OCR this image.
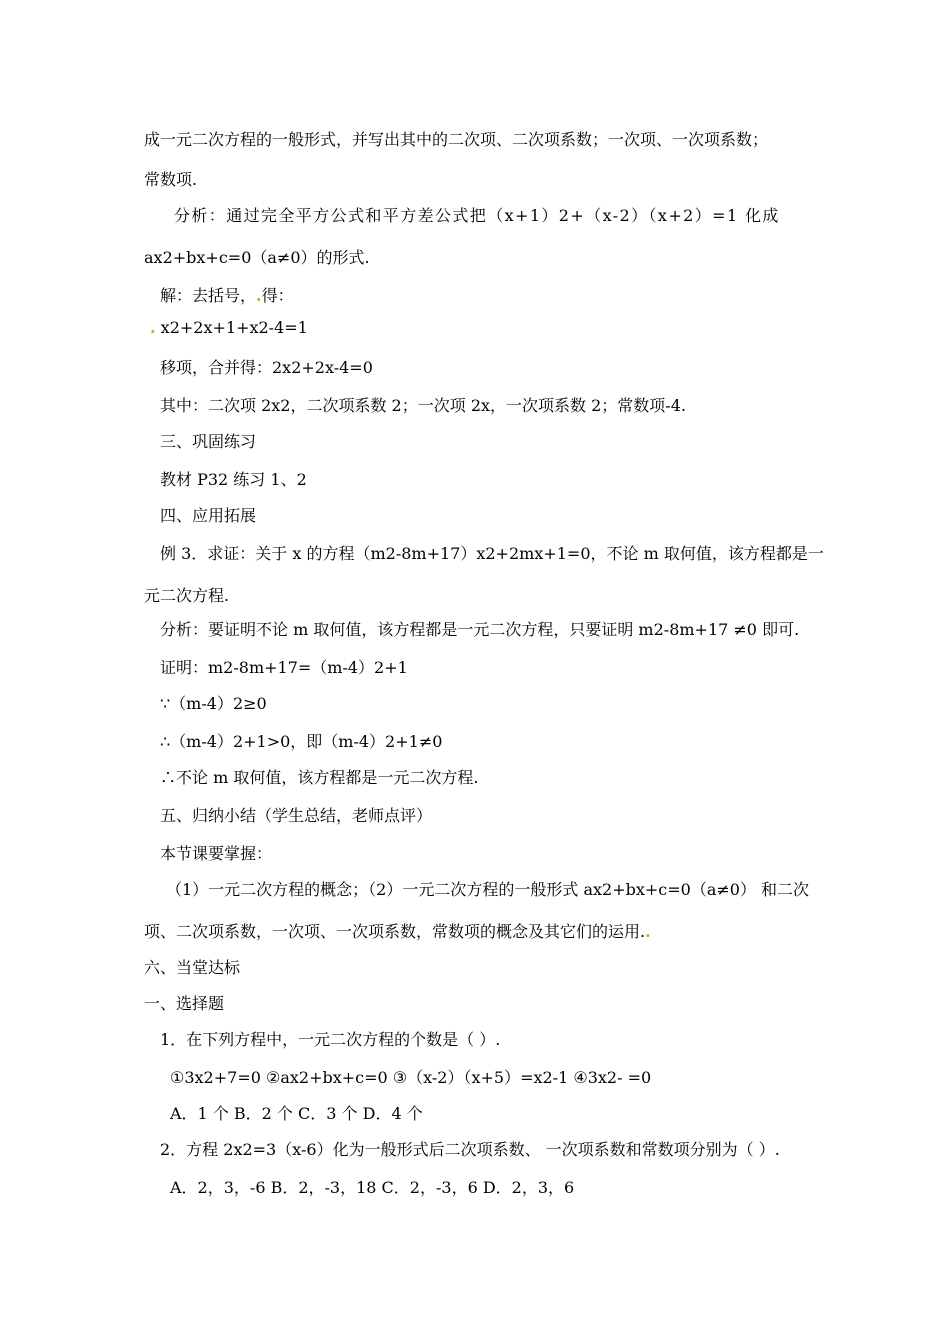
成一元二次方程的一般形式，并写出其中的二次项、二次项系数；一次项、一次项系数；
常数项.
分析：通过完全平方公式和平方差公式把（x+1）2+（x-2）（x+2）=1 化成
ax2+bx+c=0（a≠0）的形式.
解：去括号，.得：
. x2+2x+1+x2-4=1
移项，合并得：2x2+2x-4=0
其中：二次项 2x2，二次项系数 2；一次项 2x，一次项系数 2；常数项-4.
三、巩固练习
教材 P32 练习 1、2
四、应用拓展
例 3．求证：关于 x 的方程（m2-8m+17）x2+2mx+1=0，不论 m 取何值，该方程都是一
元二次方程.
分析：要证明不论 m 取何值，该方程都是一元二次方程，只要证明 m2-8m+17 ≠0 即可.
证明：m2-8m+17=（m-4）2+1
∵（m-4）2≥0
∴（m-4）2+1>0，即（m-4）2+1≠0
∴不论 m 取何值，该方程都是一元二次方程.
五、归纳小结（学生总结，老师点评）
本节课要掌握：
（1）一元二次方程的概念；（2）一元二次方程的一般形式 ax2+bx+c=0（a≠0） 和二次
项、二次项系数，一次项、一次项系数，常数项的概念及其它们的运用..
六、当堂达标
一、选择题
1．在下列方程中，一元二次方程的个数是（ ）.
①3x2+7=0 ②ax2+bx+c=0 ③（x-2）（x+5）=x2-1 ④3x2- =0
A．1 个 B．2 个 C．3 个 D．4 个
2．方程 2x2=3（x-6）化为一般形式后二次项系数、 一次项系数和常数项分别为（ ）.
A．2，3，-6 B．2，-3，18 C．2，-3，6 D．2，3，6
